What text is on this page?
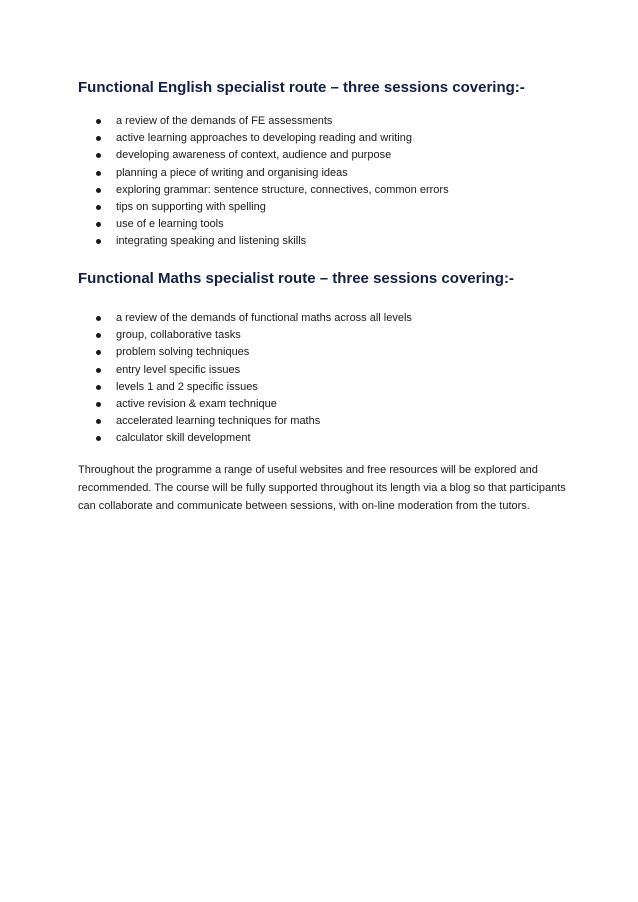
Functional English specialist route – three sessions covering:-
a review of the demands of FE assessments
active learning approaches to developing reading and writing
developing awareness of context, audience and purpose
planning a piece of writing and organising ideas
exploring grammar: sentence structure, connectives, common errors
tips on supporting with spelling
use of e learning tools
integrating speaking and listening skills
Functional Maths specialist route – three sessions covering:-
a review of the demands of functional maths across all levels
group, collaborative tasks
problem solving techniques
entry level specific issues
levels 1 and 2 specific issues
active revision & exam technique
accelerated learning techniques for maths
calculator skill development

Throughout the programme a range of useful websites and free resources will be explored and recommended. The course will be fully supported throughout its length via a blog so that participants can collaborate and communicate between sessions, with on-line moderation from the tutors.
